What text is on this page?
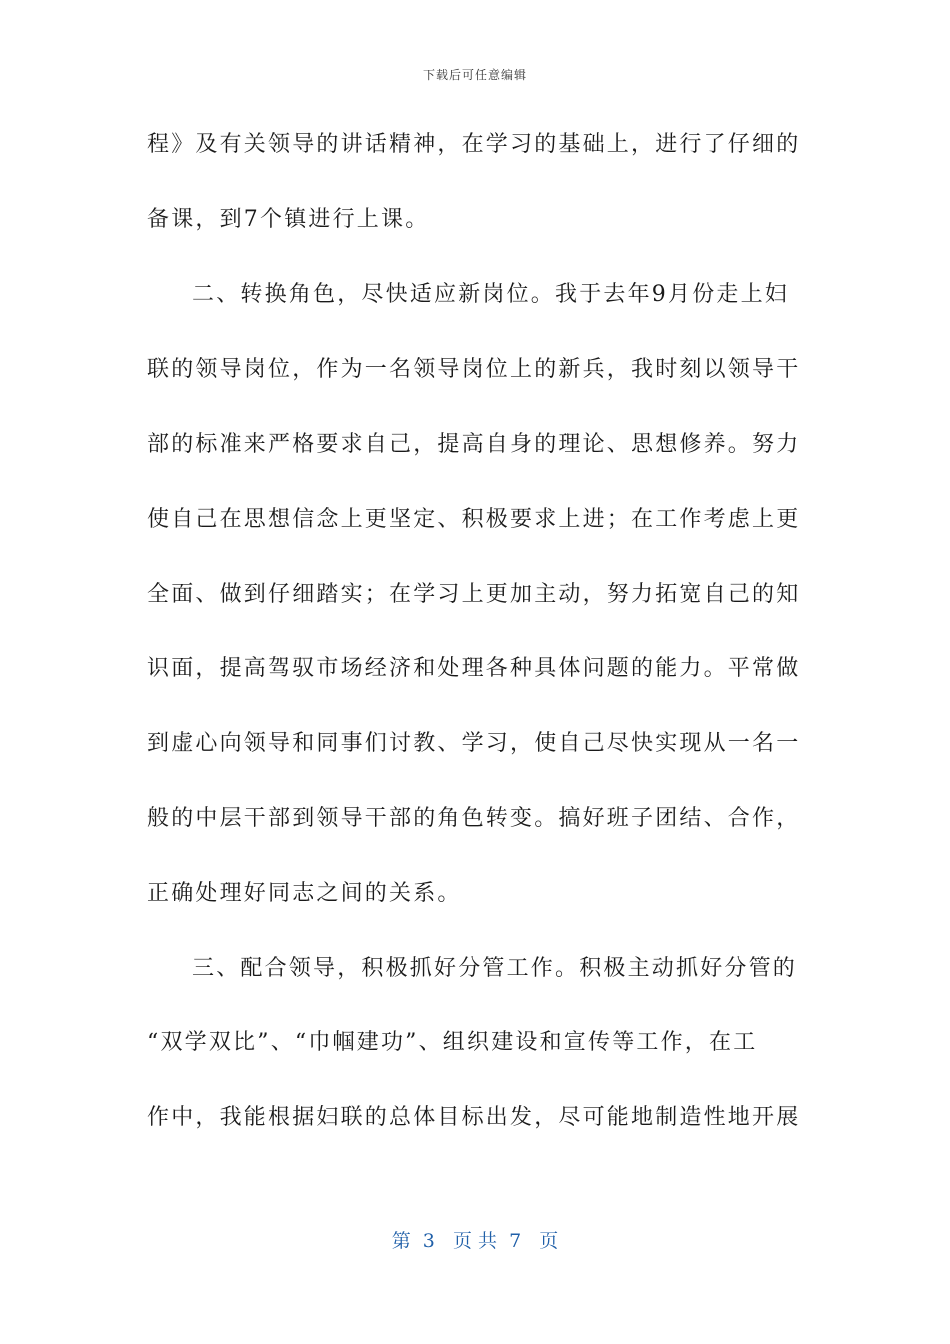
下载后可任意编辑
程》及有关领导的讲话精神，在学习的基础上，进行了仔细的
备课，到7个镇进行上课。
二、转换角色，尽快适应新岗位。我于去年9月份走上妇
联的领导岗位，作为一名领导岗位上的新兵，我时刻以领导干
部的标准来严格要求自己，提高自身的理论、思想修养。努力
使自己在思想信念上更坚定、积极要求上进；在工作考虑上更
全面、做到仔细踏实；在学习上更加主动，努力拓宽自己的知
识面，提高驾驭市场经济和处理各种具体问题的能力。平常做
到虚心向领导和同事们讨教、学习，使自己尽快实现从一名一
般的中层干部到领导干部的角色转变。搞好班子团结、合作，
正确处理好同志之间的关系。
三、配合领导，积极抓好分管工作。积极主动抓好分管的
“双学双比”、“巾帼建功”、组织建设和宣传等工作，在工
作中，我能根据妇联的总体目标出发，尽可能地制造性地开展
第  3   页 共  7   页
